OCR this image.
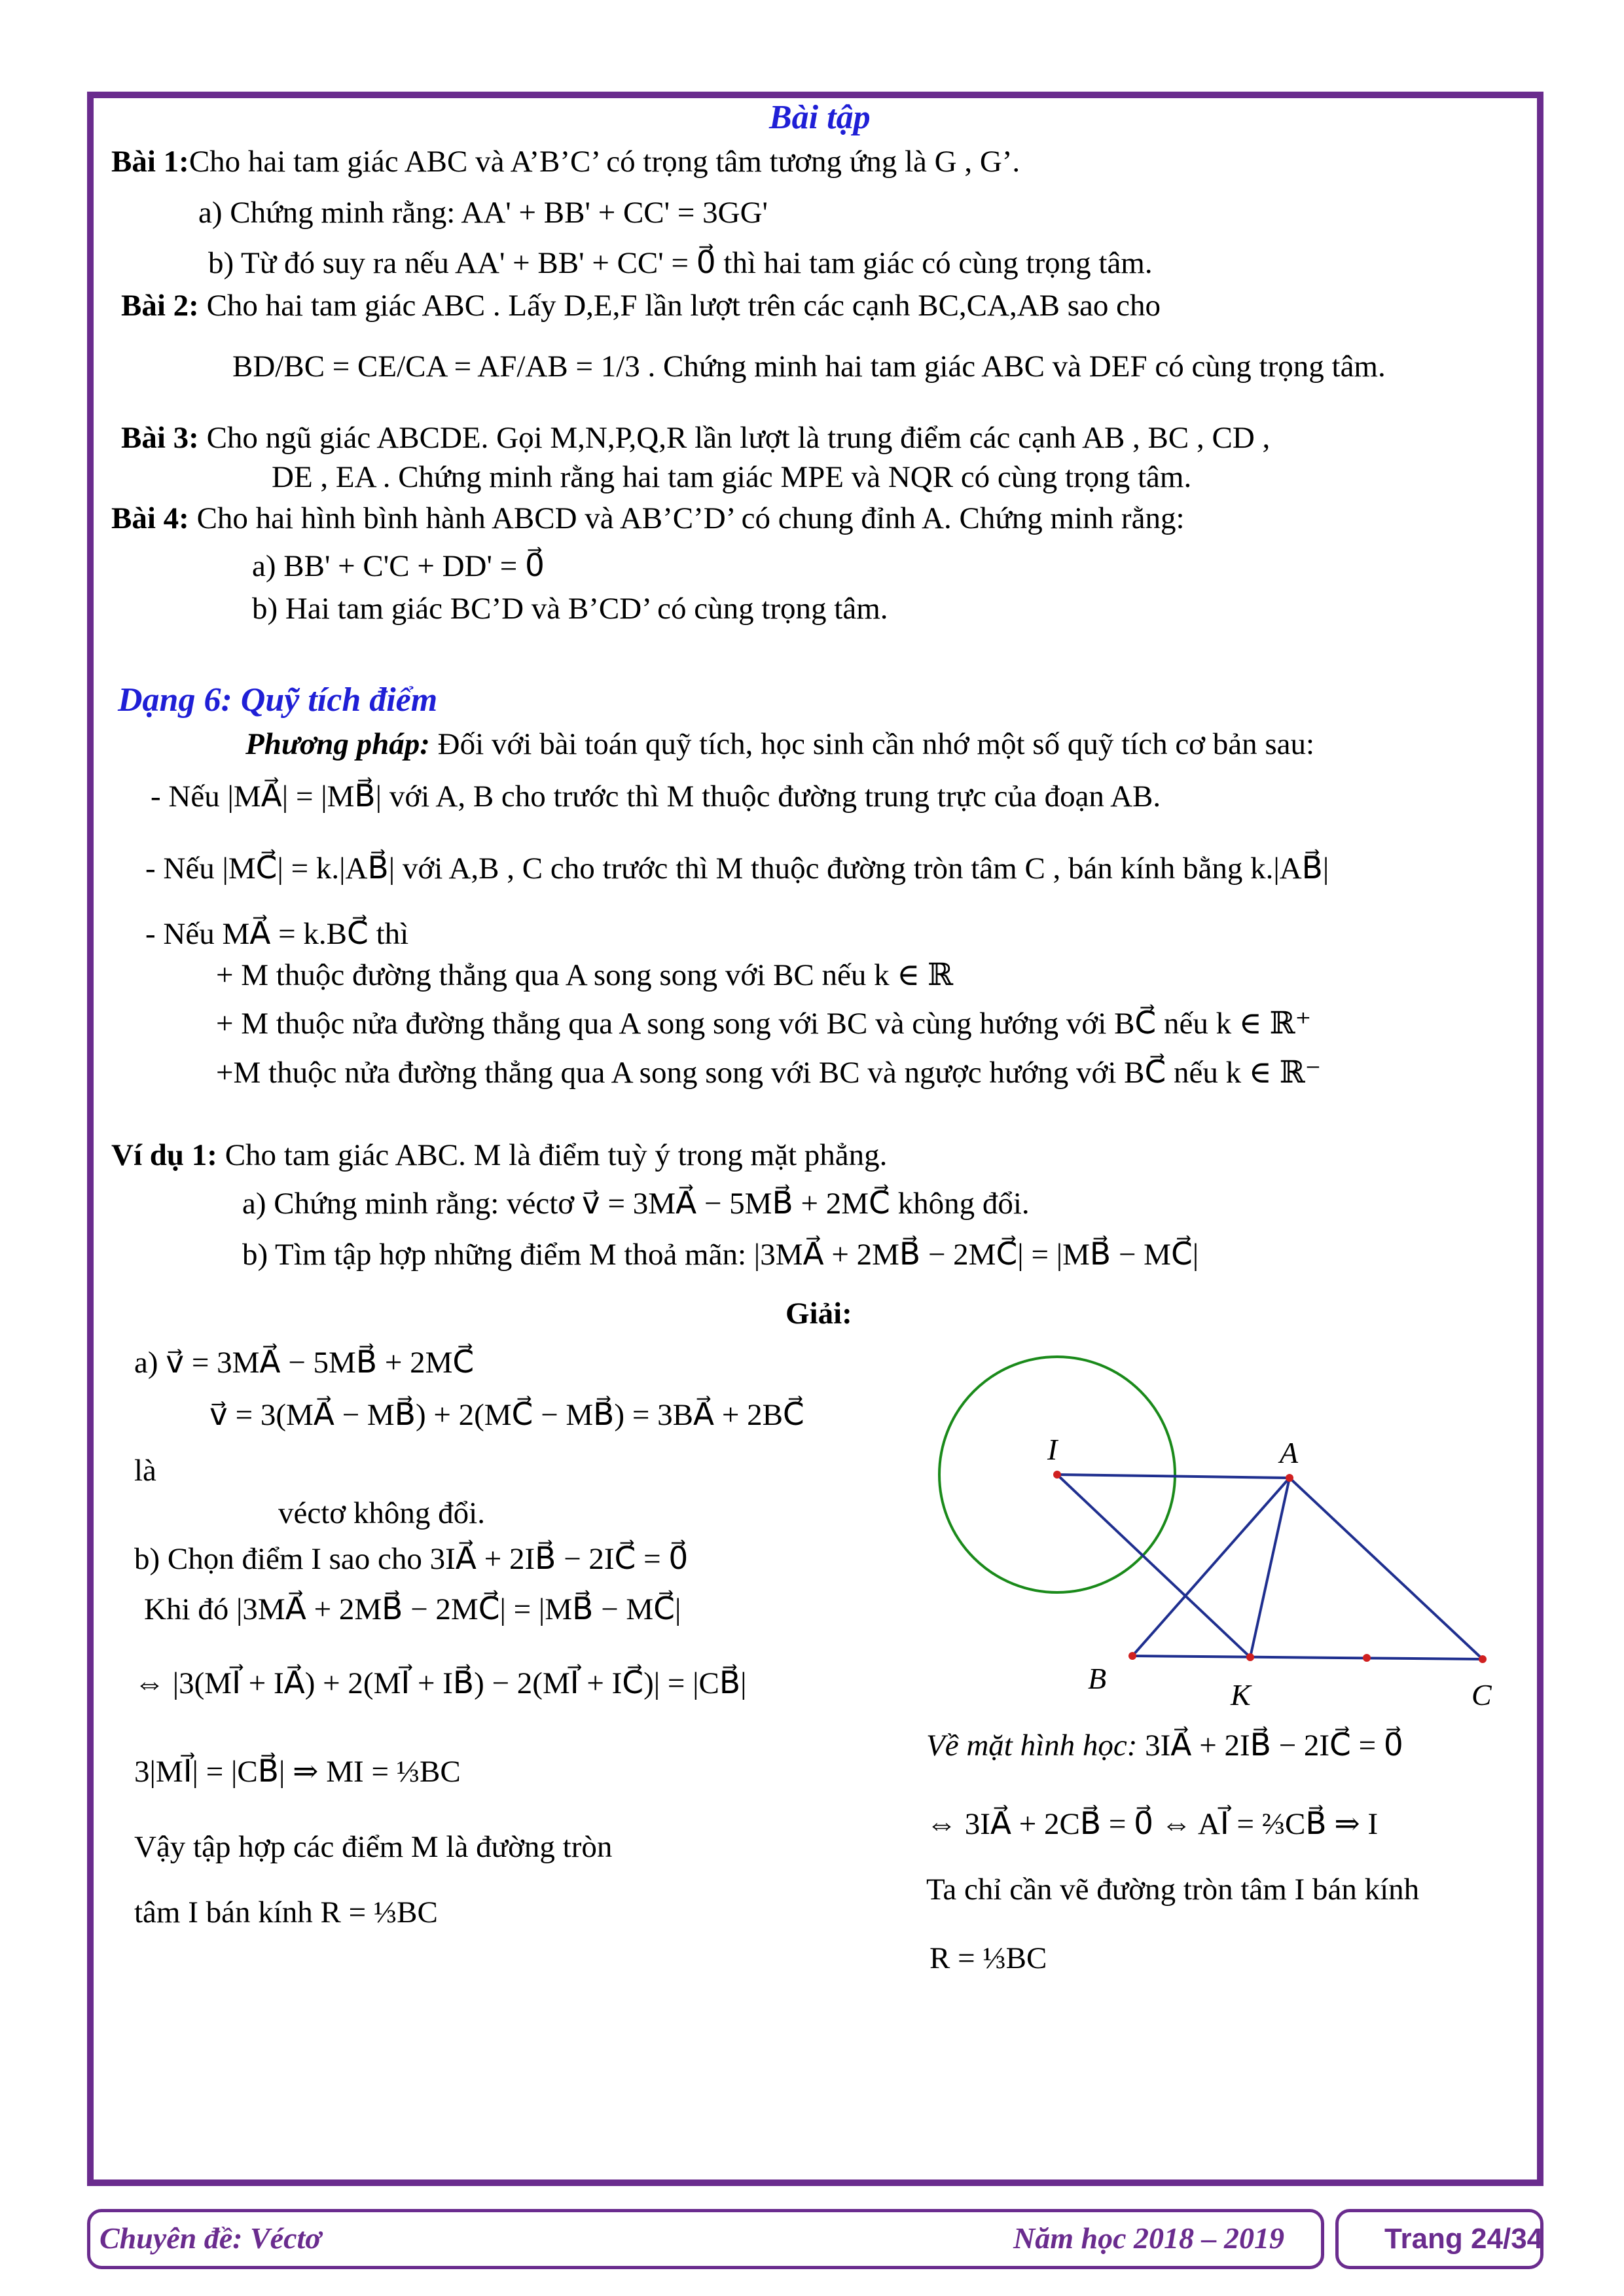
Bài tập
Bài 1:Cho hai tam giác ABC và A’B’C’ có trọng tâm tương ứng là G , G’.
a) Chứng minh rằng: AA' + BB' + CC' = 3GG'
b) Từ đó suy ra nếu AA' + BB' + CC' = 0⃗ thì hai tam giác có cùng trọng tâm.
Bài 2: Cho hai tam giác ABC . Lấy D,E,F lần lượt trên các cạnh BC,CA,AB sao cho
BD/BC = CE/CA = AF/AB = 1/3 . Chứng minh hai tam giác ABC và DEF có cùng trọng tâm.
Bài 3: Cho ngũ giác ABCDE. Gọi M,N,P,Q,R lần lượt là trung điểm các cạnh AB , BC , CD ,
DE , EA . Chứng minh rằng hai tam giác MPE và NQR có cùng trọng tâm.
Bài 4: Cho hai hình bình hành ABCD và AB’C’D’ có chung đỉnh A. Chứng minh rằng:
a) BB' + C'C + DD' = 0⃗
b) Hai tam giác BC’D và B’CD’ có cùng trọng tâm.
Dạng 6: Quỹ tích điểm
Phương pháp: Đối với bài toán quỹ tích, học sinh cần nhớ một số quỹ tích cơ bản sau:
- Nếu |MA⃗| = |MB⃗| với A, B cho trước thì M thuộc đường trung trực của đoạn AB.
- Nếu |MC⃗| = k.|AB⃗| với A,B , C cho trước thì M thuộc đường tròn tâm C , bán kính bằng k.|AB⃗|
- Nếu MA⃗ = k.BC⃗ thì
+ M thuộc đường thẳng qua A song song với BC nếu k ∈ ℝ
+ M thuộc nửa đường thẳng qua A song song với BC và cùng hướng với BC⃗ nếu k ∈ ℝ⁺
+M thuộc nửa đường thẳng qua A song song với BC và ngược hướng với BC⃗ nếu k ∈ ℝ⁻
Ví dụ 1: Cho tam giác ABC. M là điểm tuỳ ý trong mặt phẳng.
a) Chứng minh rằng: véctơ v⃗ = 3MA⃗ − 5MB⃗ + 2MC⃗ không đổi.
b) Tìm tập hợp những điểm M thoả mãn: |3MA⃗ + 2MB⃗ − 2MC⃗| = |MB⃗ − MC⃗|
Giải:
a) v⃗ = 3MA⃗ − 5MB⃗ + 2MC⃗
v⃗ = 3(MA⃗ − MB⃗) + 2(MC⃗ − MB⃗) = 3BA⃗ + 2BC⃗
là
véctơ không đổi.
b) Chọn điểm I sao cho 3IA⃗ + 2IB⃗ − 2IC⃗ = 0⃗
Khi đó |3MA⃗ + 2MB⃗ − 2MC⃗| = |MB⃗ − MC⃗|
⇔ |3(MI⃗ + IA⃗) + 2(MI⃗ + IB⃗) − 2(MI⃗ + IC⃗)| = |CB⃗|
3|MI⃗| = |CB⃗| ⇒ MI = ⅓BC
Vậy tập hợp các điểm M là đường tròn
tâm I bán kính R = ⅓BC
Về mặt hình học: 3IA⃗ + 2IB⃗ − 2IC⃗ = 0⃗
⇔ 3IA⃗ + 2CB⃗ = 0⃗ ⇔ AI⃗ = ⅔CB⃗ ⇒ I
Ta chỉ cần vẽ đường tròn tâm I bán kính
R = ⅓BC
I	A
B	K	C
Chuyên đề: Véctơ	Năm học 2018 – 2019	Trang 24/34
